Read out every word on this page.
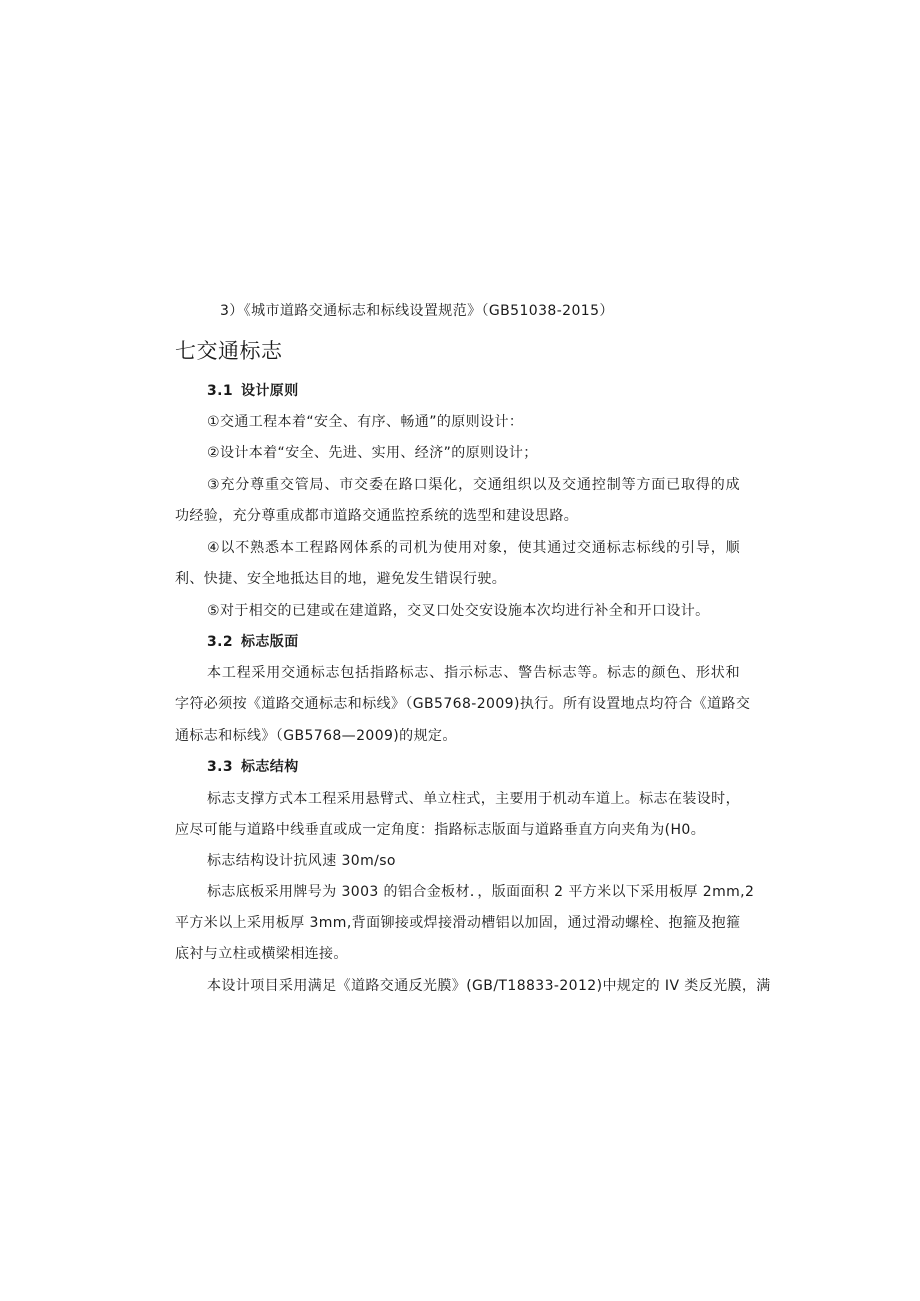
3）《城市道路交通标志和标线设置规范》（GB51038-2015）
七交通标志
3.1 设计原则
①交通工程本着“安全、有序、畅通”的原则设计：
②设计本着“安全、先进、实用、经济”的原则设计；
③充分尊重交管局、市交委在路口渠化，交通组织以及交通控制等方面已取得的成
功经验，充分尊重成都市道路交通监控系统的选型和建设思路。
④以不熟悉本工程路网体系的司机为使用对象，使其通过交通标志标线的引导，顺
利、快捷、安全地抵达目的地，避免发生错误行驶。
⑤对于相交的已建或在建道路，交叉口处交安设施本次均进行补全和开口设计。
3.2 标志版面
本工程采用交通标志包括指路标志、指示标志、警告标志等。标志的颜色、形状和
字符必须按《道路交通标志和标线》（GB5768-2009)执行。所有设置地点均符合《道路交
通标志和标线》（GB5768—2009)的规定。
3.3 标志结构
标志支撑方式本工程采用悬臂式、单立柱式，主要用于机动车道上。标志在装设时，
应尽可能与道路中线垂直或成一定角度：指路标志版面与道路垂直方向夹角为(H0。
标志结构设计抗风速 30m∕so
标志底板采用牌号为 3003 的铝合金板材．，版面面积 2 平方米以下采用板厚 2mm,2
平方米以上采用板厚 3mm,背面铆接或焊接滑动槽铝以加固，通过滑动螺栓、抱箍及抱箍
底衬与立柱或横梁相连接。
本设计项目采用满足《道路交通反光膜》(GB/T18833-2012)中规定的 IV 类反光膜，满
